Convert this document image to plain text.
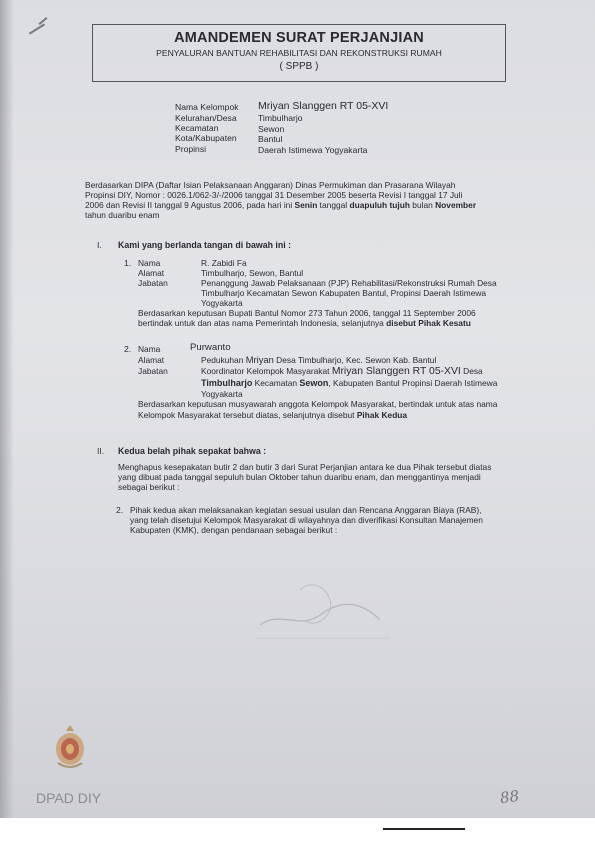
AMANDEMEN SURAT PERJANJIAN
PENYALURAN BANTUAN REHABILITASI DAN REKONSTRUKSI RUMAH
( SPPB )
Nama Kelompok Mriyan Slanggen RT 05-XVI
Kelurahan/Desa Timbulharjo
Kecamatan	Sewon
Kota/Kabupaten Bantul
Propinsi	Daerah Istimewa Yogyakarta
Berdasarkan DIPA (Daftar Isian Pelaksanaan Anggaran) Dinas Permukiman dan Prasarana Wilayah
Propinsi DIY, Nomor : 0026.1/062-3/-/2006 tanggal 31 Desember 2005 beserta Revisi I tanggal 17 Juli
2006 dan Revisi II tanggal 9 Agustus 2006, pada hari ini Senin tanggal duapuluh tujuh bulan November
tahun duaribu enam
I. Kami yang berlanda tangan di bawah ini :
1. Nama	R. Zabidi Fa
Alamat	Timbulharjo, Sewon, Bantul
Jabatan	Penanggung Jawab Pelaksanaan (PJP) Rehabilitasi/Rekonstruksi Rumah Desa
Timbulharjo Kecamatan Sewon Kabupaten Bantul, Propinsi Daerah Istimewa
Yogyakarta
Berdasarkan keputusan Bupati Bantul Nomor 273 Tahun 2006, tanggal 11 September 2006
bertindak untuk dan atas nama Pemerintah Indonesia, selanjutnya disebut Pihak Kesatu
2. Nama	Purwanto
Alamat	Pedukuhan Mriyan Desa Timbulharjo, Kec. Sewon Kab. Bantul
Jabatan	Koordinator Kelompok Masyarakat Mriyan Slanggen RT 05-XVI Desa
Timbulharjo Kecamatan Sewon, Kabupaten Bantul Propinsi Daerah Istimewa
Yogyakarta
Berdasarkan keputusan musyawarah anggota Kelompok Masyarakat, bertindak untuk atas nama
Kelompok Masyarakat tersebut diatas, selanjutnya disebut Pihak Kedua
II. Kedua belah pihak sepakat bahwa :
Menghapus kesepakatan butir 2 dan butir 3 dari Surat Perjanjian antara ke dua Pihak tersebut diatas
yang dibuat pada tanggal sepuluh bulan Oktober tahun duaribu enam, dan menggantinya menjadi
sebagai berikut :
2. Pihak kedua akan melaksanakan kegiatan sesuai usulan dan Rencana Anggaran Biaya (RAB),
yang telah disetujui Kelompok Masyarakat di wilayahnya dan diverifikasi Konsultan Manajemen
Kabupaten (KMK), dengan pendanaan sebagai berikut :
DPAD DIY	88
